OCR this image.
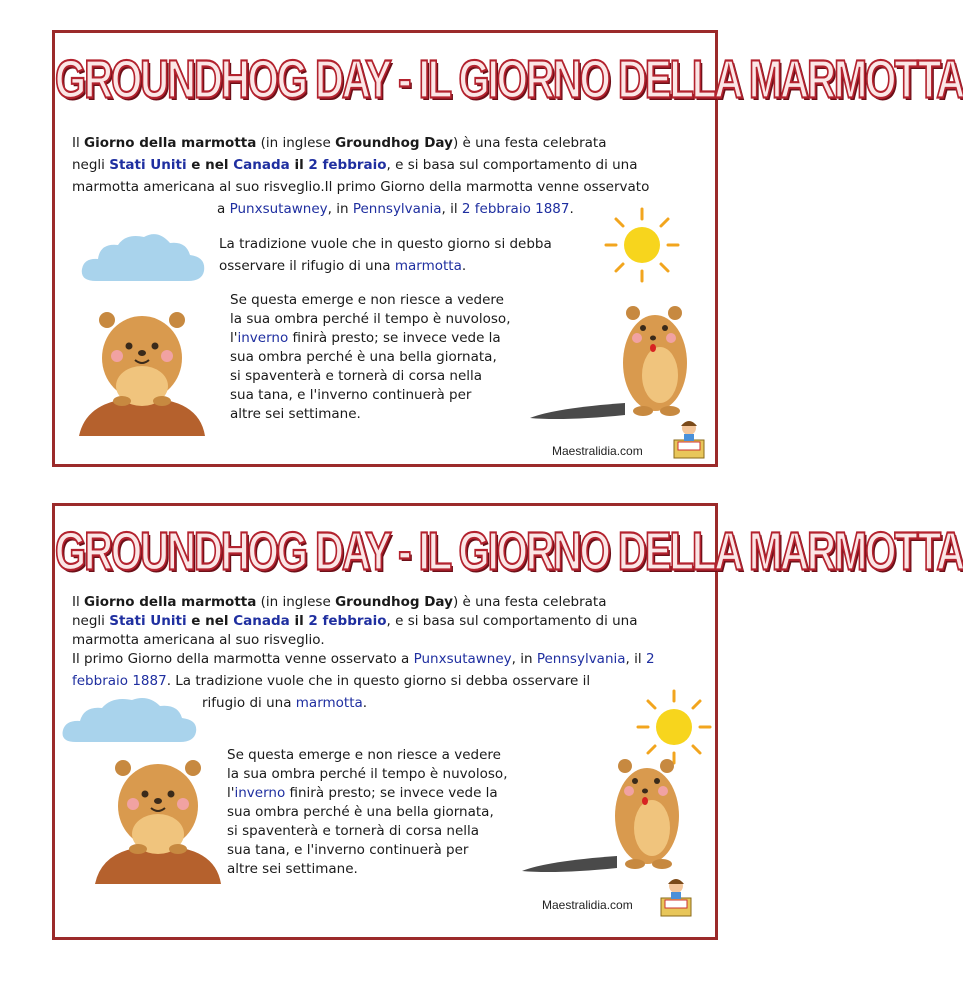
GROUNDHOG DAY - IL GIORNO DELLA MARMOTTA
Il Giorno della marmotta (in inglese Groundhog Day) è una festa celebrata
negli Stati Uniti e nel Canada il 2 febbraio, e si basa sul comportamento di una
marmotta americana al suo risveglio.Il primo Giorno della marmotta venne osservato
a Punxsutawney, in Pennsylvania, il 2 febbraio 1887.
La tradizione vuole che in questo giorno si debba
osservare il rifugio di una marmotta.
Se questa emerge e non riesce a vedere
la sua ombra perché il tempo è nuvoloso,
l'inverno finirà presto; se invece vede la
sua ombra perché è una bella giornata,
si spaventerà e tornerà di corsa nella
sua tana, e l'inverno continuerà per
altre sei settimane.
Maestralidia.com
GROUNDHOG DAY - IL GIORNO DELLA MARMOTTA
Il Giorno della marmotta (in inglese Groundhog Day) è una festa celebrata
negli Stati Uniti e nel Canada il 2 febbraio, e si basa sul comportamento di una
marmotta americana al suo risveglio.
Il primo Giorno della marmotta venne osservato a Punxsutawney, in Pennsylvania, il 2
febbraio 1887. La tradizione vuole che in questo giorno si debba osservare il
rifugio di una marmotta.
Se questa emerge e non riesce a vedere
la sua ombra perché il tempo è nuvoloso,
l'inverno finirà presto; se invece vede la
sua ombra perché è una bella giornata,
si spaventerà e tornerà di corsa nella
sua tana, e l'inverno continuerà per
altre sei settimane.
Maestralidia.com
